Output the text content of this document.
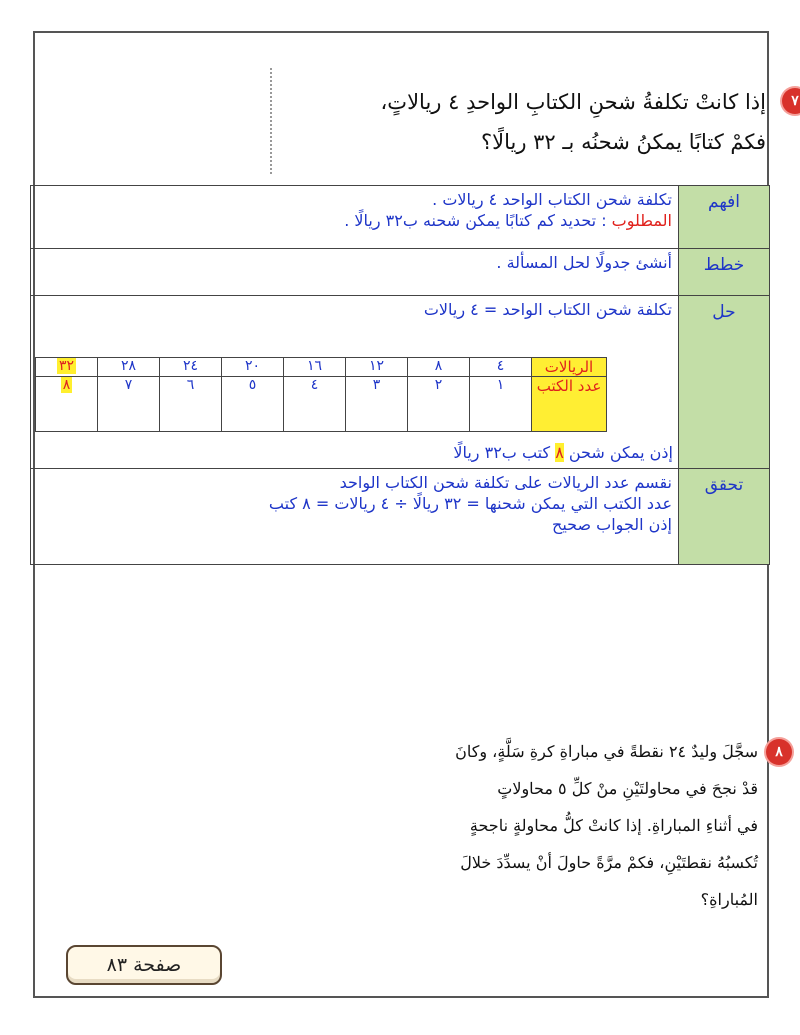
٧
إذا كانتْ تكلفةُ شحنِ الكتابِ الواحدِ ٤ ريالاتٍ،
فكمْ كتابًا يمكنُ شحنُه بـ ٣٢ ريالًا؟
افهم
تكلفة شحن الكتاب الواحد ٤ ريالات .
المطلوب : تحديد كم كتابًا يمكن شحنه ب٣٢ ريالًا .
خطط
أنشئ جدولًا لحل المسألة .
حل
تكلفة شحن الكتاب الواحد = ٤ ريالات
الريالات	٤	٨	١٢	١٦	٢٠	٢٤	٢٨	٣٢
عدد الكتب	١	٢	٣	٤	٥	٦	٧	٨
إذن يمكن شحن ٨ كتب ب٣٢ ريالًا
تحقق
نقسم عدد الريالات على تكلفة شحن الكتاب الواحد
عدد الكتب التي يمكن شحنها = ٣٢ ريالًا ÷ ٤ ريالات = ٨ كتب
إذن الجواب صحيح
٨
سجَّلَ وليدٌ ٢٤ نقطةً في مباراةِ كرةِ سَلَّةٍ، وكانَ
قدْ نجحَ في محاولتَيْنِ منْ كلِّ ٥ محاولاتٍ
في أثناءِ المباراةِ. إذا كانتْ كلُّ محاولةٍ ناجحةٍ
تُكسبُهُ نقطتَيْنِ، فكمْ مرَّةً حاولَ أنْ يسدِّدَ خلالَ
المُباراةِ؟
صفحة ٨٣
